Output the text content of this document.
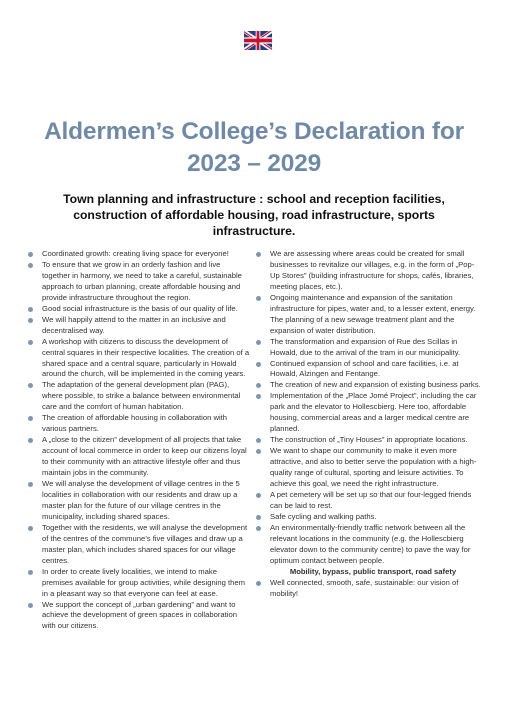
Aldermen’s College’s Declaration for 2023 – 2029
Town planning and infrastructure : school and reception facilities, construction of affordable housing, road infrastructure, sports infrastructure.
Coordinated growth: creating living space for everyone!
To ensure that we grow in an orderly fashion and live together in harmony, we need to take a careful, sustainable approach to urban planning, create affordable housing and provide infrastructure throughout the region.
Good social infrastructure is the basis of our quality of life.
We will happily attend to the matter in an inclusive and decentralised way.
A workshop with citizens to discuss the development of central squares in their respective localities. The creation of a shared space and a central square, particularly in Howald around the church, will be implemented in the coming years.
The adaptation of the general development plan (PAG), where possible, to strike a balance between environmental care and the comfort of human habitation.
The creation of affordable housing in collaboration with various partners.
A „close to the citizen” development of all projects that take account of local commerce in order to keep our citizens loyal to their community with an attractive lifestyle offer and thus maintain jobs in the community.
We will analyse the development of village centres in the 5 localities in collaboration with our residents and draw up a master plan for the future of our village centres in the municipality, including shared spaces.
Together with the residents, we will analyse the development of the centres of the commune’s five villages and draw up a master plan, which includes shared spaces for our village centres.
In order to create lively localities, we intend to make premises available for group activities, while designing them in a pleasant way so that everyone can feel at ease.
We support the concept of „urban gardening” and want to achieve the development of green spaces in collaboration with our citizens.
We are assessing where areas could be created for small businesses to revitalize our villages, e.g. in the form of „Pop-Up Stores” (building infrastructure for shops, cafés, libraries, meeting places, etc.).
Ongoing maintenance and expansion of the sanitation infrastructure for pipes, water and, to a lesser extent, energy. The planning of a new sewage treatment plant and the expansion of water distribution.
The transformation and expansion of Rue des Scillas in Howald, due to the arrival of the tram in our municipality.
Continued expansion of school and care facilities, i.e. at Howald, Alzingen and Fentange.
The creation of new and expansion of existing business parks.
Implementation of the „Place Jomé Project”, including the car park and the elevator to Hollescbierg. Here too, affordable housing, commercial areas and a larger medical centre are planned.
The construction of „Tiny Houses” in appropriate locations.
We want to shape our community to make it even more attractive, and also to better serve the population with a high-quality range of cultural, sporting and leisure activities. To achieve this goal, we need the right infrastructure.
A pet cemetery will be set up so that our four-legged friends can be laid to rest.
Safe cycling and walking paths.
An environmentally-friendly traffic network between all the relevant locations in the community (e.g. the Hollescbierg elevator down to the community centre) to pave the way for optimum contact between people.
Mobility, bypass, public transport, road safety
Well connected, smooth, safe, sustainable: our vision of mobility!
